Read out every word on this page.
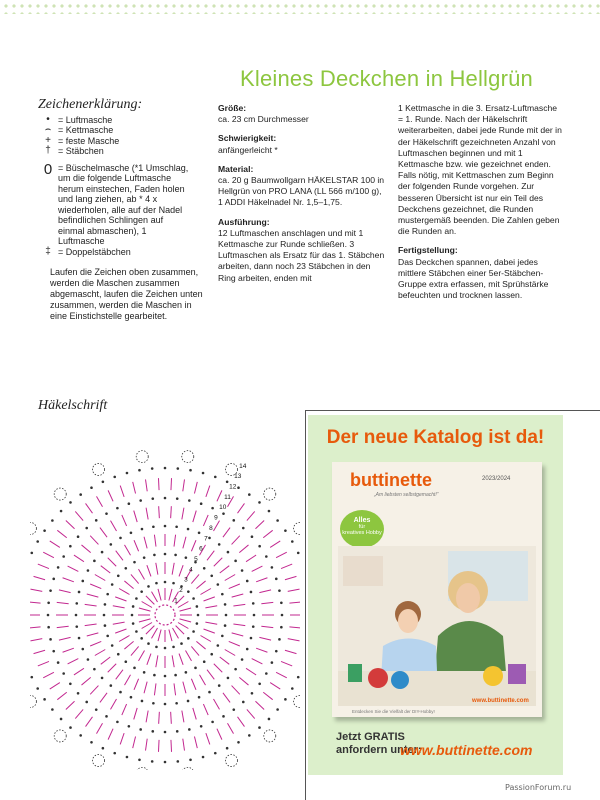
Kleines Deckchen in Hellgrün
Zeichenerklärung:
• = Luftmasche
⌢ = Kettmasche
+ = feste Masche
† = Stäbchen
0 = Büschelmasche (*1 Umschlag, um die folgende Luftmasche herum einstechen, Faden holen und lang ziehen, ab * 4 x wiederholen, alle auf der Nadel befindlichen Schlingen auf einmal abmaschen), 1 Luftmasche
‡ = Doppelstäbchen

Laufen die Zeichen oben zusammen, werden die Maschen zusammen abgemascht, laufen die Zeichen unten zusammen, werden die Maschen in eine Einstichstelle gearbeitet.

Größe:
ca. 23 cm Durchmesser

Schwierigkeit:
anfängerleicht *

Material:
ca. 20 g Baumwollgarn HÄKELSTAR 100 in Hellgrün von PRO LANA (LL 566 m/100 g), 1 ADDI Häkelnadel Nr. 1,5–1,75.

Ausführung:
12 Luftmaschen anschlagen und mit 1 Kettmasche zur Runde schließen. 3 Luftmaschen als Ersatz für das 1. Stäbchen arbeiten, dann noch 23 Stäbchen in den Ring arbeiten, enden mit

1 Kettmasche in die 3. Ersatz-Luftmasche = 1. Runde. Nach der Häkelschrift weiterarbeiten, dabei jede Runde mit der in der Häkelschrift gezeichneten Anzahl von Luftmaschen beginnen und mit 1 Kettmasche bzw. wie gezeichnet enden. Falls nötig, mit Kettmaschen zum Beginn der folgenden Runde vorgehen. Zur besseren Übersicht ist nur ein Teil des Deckchens gezeichnet, die Runden mustergemäß beenden. Die Zahlen geben die Runden an.

Fertigstellung:
Das Deckchen spannen, dabei jedes mittlere Stäbchen einer 5er-Stäbchen-Gruppe extra erfassen, mit Sprühstärke befeuchten und trocknen lassen.

Häkelschrift
1
2
3
4
5
6
7
8
9
10
11
12
13
14
Der neue Katalog ist da!
buttinette	2023/2024
„Am liebsten selbstgemacht!“
Alles
für
kreatives Hobby
www.buttinette.com
Entdecken Sie die Vielfalt der DIY-Hobby!
Jetzt GRATIS
anfordern unter:
www.buttinette.com
PassionForum.ru
